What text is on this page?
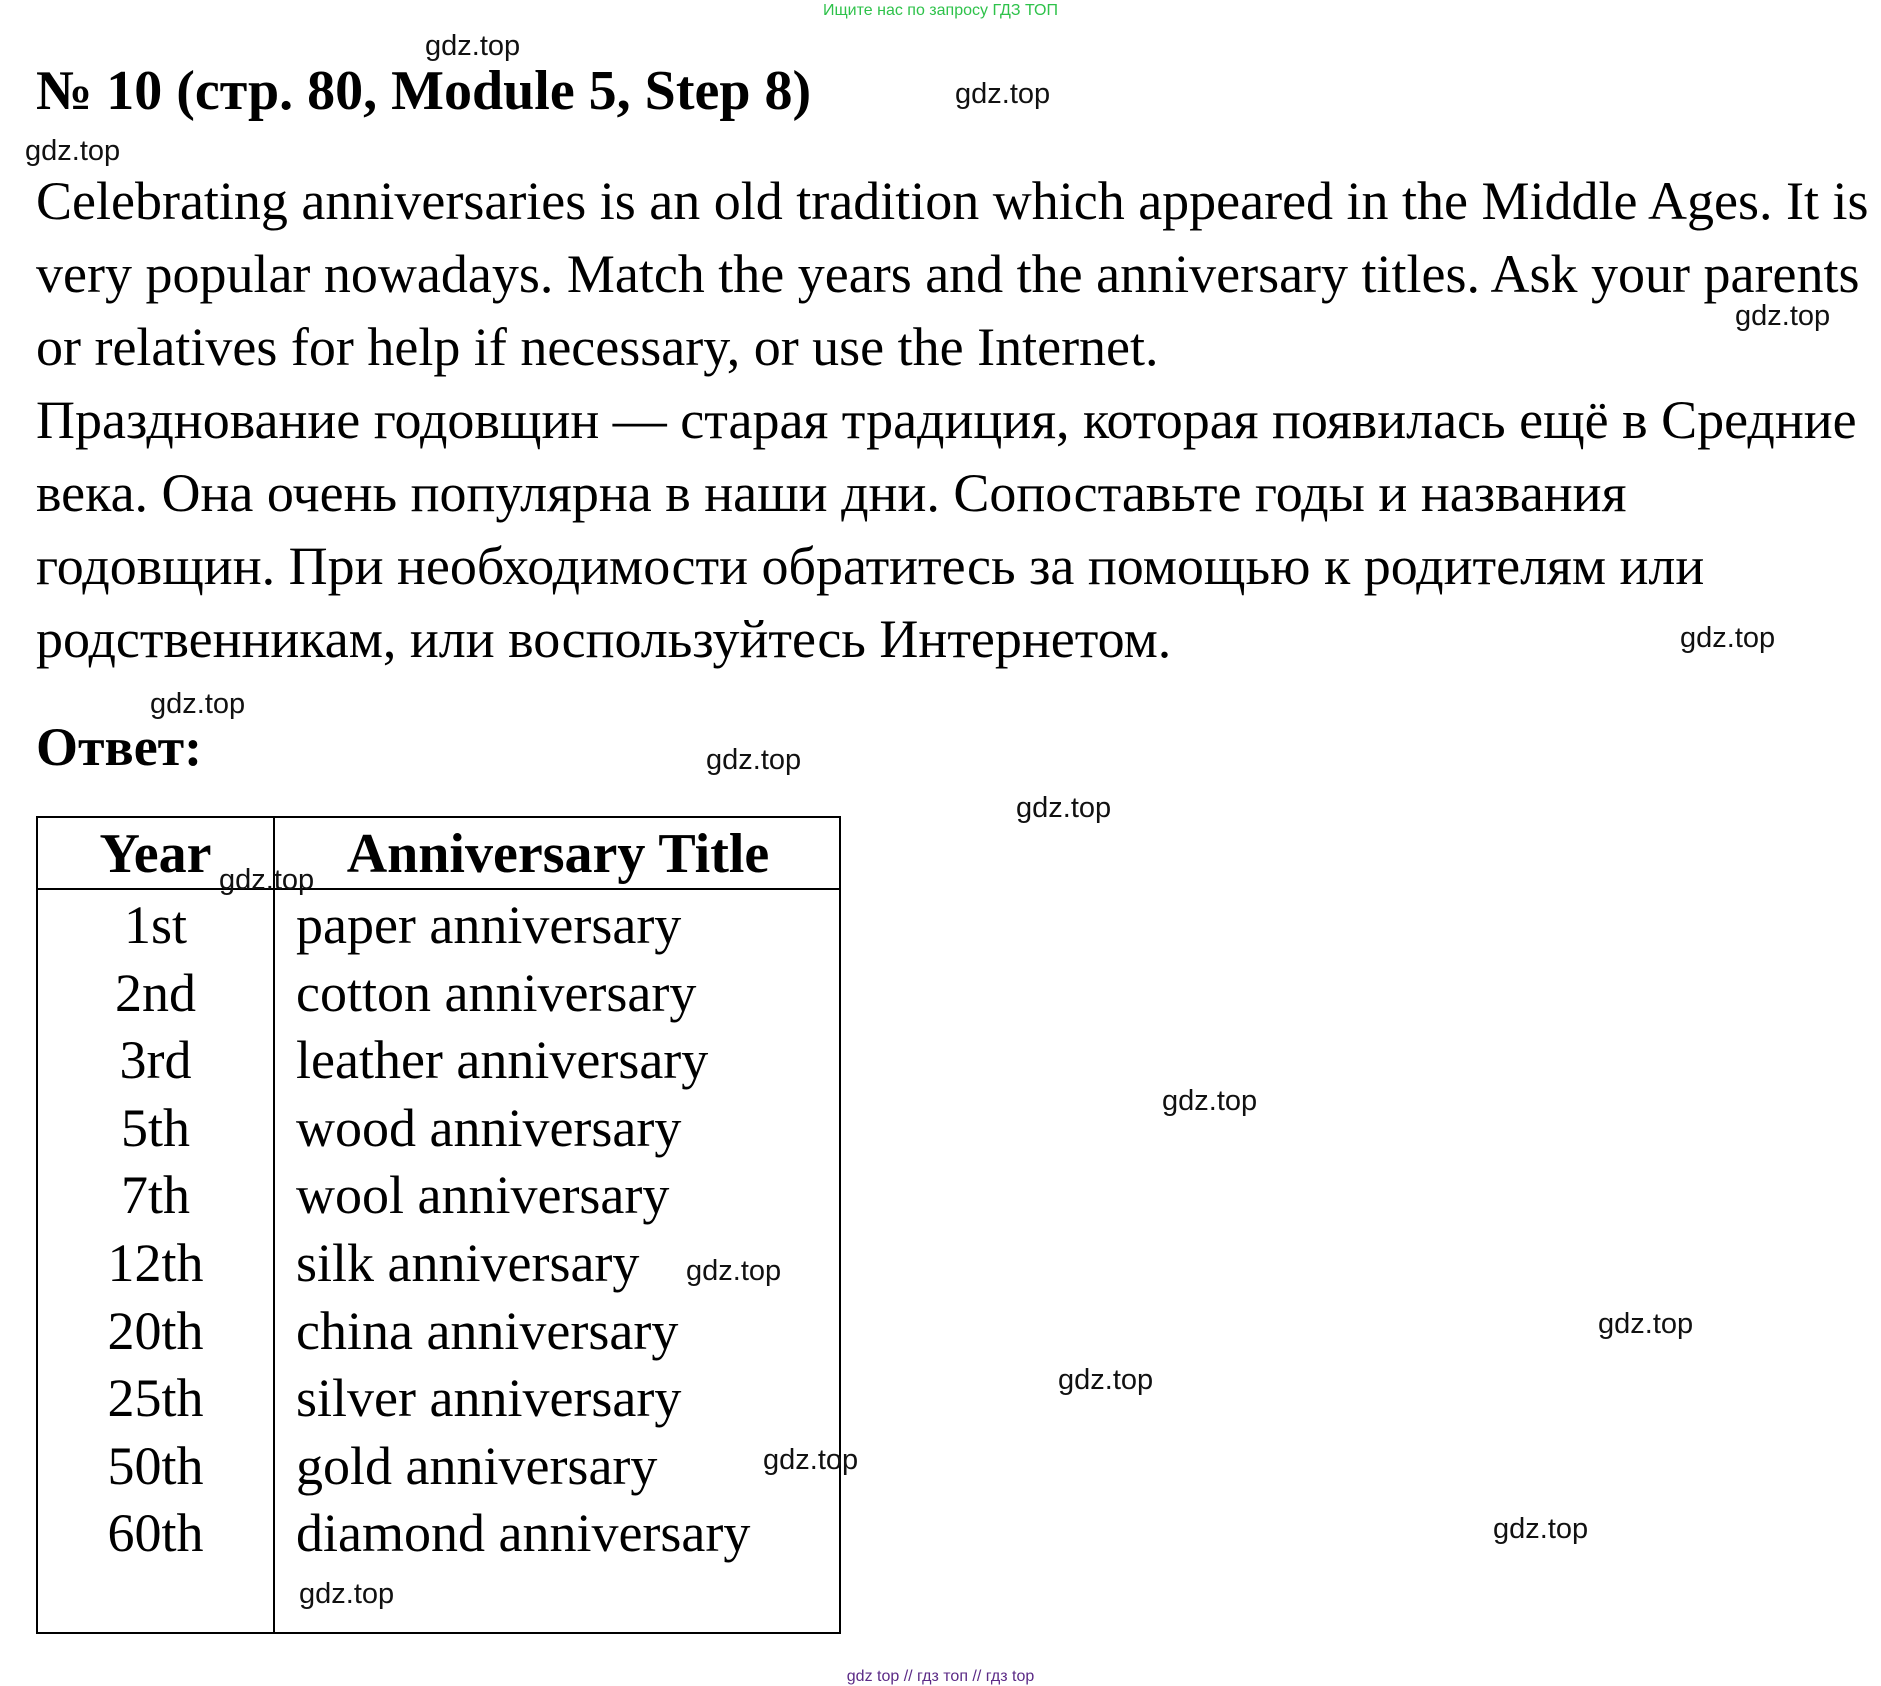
Ищите нас по запросу ГДЗ ТОП
№ 10 (стр. 80, Module 5, Step 8)

Celebrating anniversaries is an old tradition which appeared in the Middle Ages. It is very popular nowadays. Match the years and the anniversary titles. Ask your parents or relatives for help if necessary, or use the Internet.

Празднование годовщин — старая традиция, которая появилась ещё в Средние века. Она очень популярна в наши дни. Сопоставьте годы и названия годовщин. При необходимости обратитесь за помощью к родителям или родственникам, или воспользуйтесь Интернетом.

Ответ:
Year	Anniversary Title
1st	paper anniversary
2nd	cotton anniversary
3rd	leather anniversary
5th	wood anniversary
7th	wool anniversary
12th	silk anniversary
20th	china anniversary
25th	silver anniversary
50th	gold anniversary
60th	diamond anniversary
gdz.top
gdz.top
gdz.top
gdz.top
gdz.top
gdz.top
gdz.top
gdz.top
gdz.top
gdz.top
gdz.top
gdz.top
gdz.top
gdz.top
gdz.top
gdz.top
gdz top // гдз топ // гдз top
